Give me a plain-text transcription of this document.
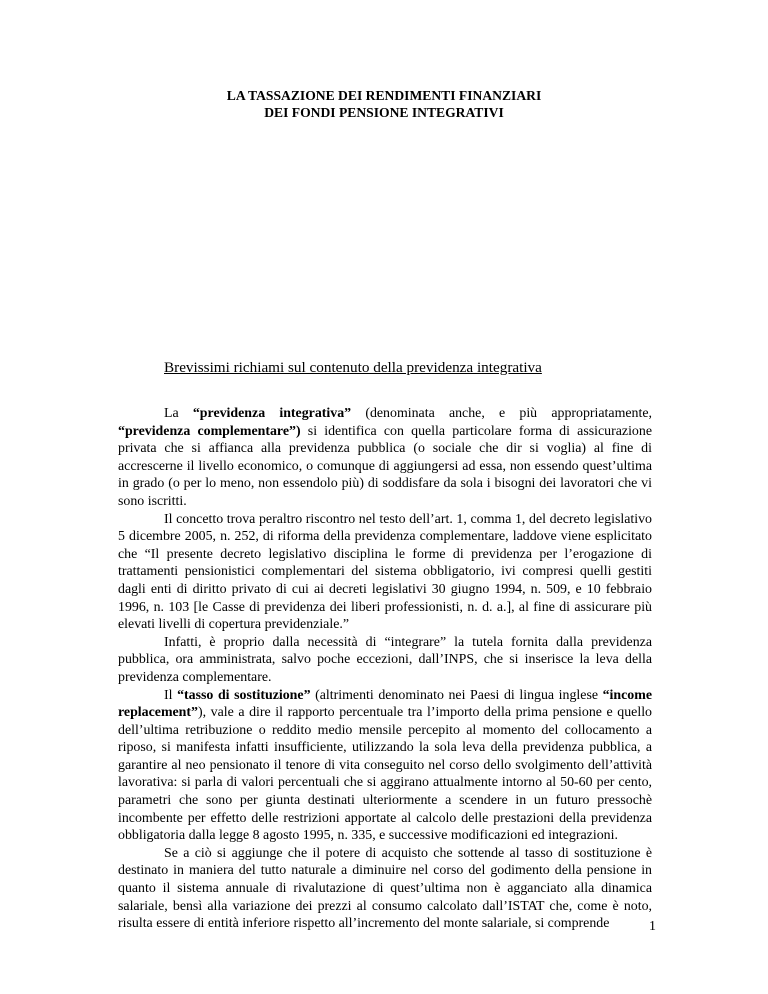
LA TASSAZIONE DEI RENDIMENTI FINANZIARI
DEI FONDI PENSIONE INTEGRATIVI
Brevissimi richiami sul contenuto della previdenza integrativa

La “previdenza integrativa” (denominata anche, e più appropriatamente, “previdenza complementare”) si identifica con quella particolare forma di assicurazione privata che si affianca alla previdenza pubblica (o sociale che dir si voglia) al fine di accrescerne il livello economico, o comunque di aggiungersi ad essa, non essendo quest’ultima in grado (o per lo meno, non essendolo più) di soddisfare da sola i bisogni dei lavoratori che vi sono iscritti.

Il concetto trova peraltro riscontro nel testo dell’art. 1, comma 1, del decreto legislativo 5 dicembre 2005, n. 252, di riforma della previdenza complementare, laddove viene esplicitato che “Il presente decreto legislativo disciplina le forme di previdenza per l’erogazione di trattamenti pensionistici complementari del sistema obbligatorio, ivi compresi quelli gestiti dagli enti di diritto privato di cui ai decreti legislativi 30 giugno 1994, n. 509, e 10 febbraio 1996, n. 103 [le Casse di previdenza dei liberi professionisti, n. d. a.], al fine di assicurare più elevati livelli di copertura previdenziale.”

Infatti, è proprio dalla necessità di “integrare” la tutela fornita dalla previdenza pubblica, ora amministrata, salvo poche eccezioni, dall’INPS, che si inserisce la leva della previdenza complementare.

Il “tasso di sostituzione” (altrimenti denominato nei Paesi di lingua inglese “income replacement”), vale a dire il rapporto percentuale tra l’importo della prima pensione e quello dell’ultima retribuzione o reddito medio mensile percepito al momento del collocamento a riposo, si manifesta infatti insufficiente, utilizzando la sola leva della previdenza pubblica, a garantire al neo pensionato il tenore di vita conseguito nel corso dello svolgimento dell’attività lavorativa: si parla di valori percentuali che si aggirano attualmente intorno al 50-60 per cento, parametri che sono per giunta destinati ulteriormente a scendere in un futuro pressochè incombente per effetto delle restrizioni apportate al calcolo delle prestazioni della previdenza obbligatoria dalla legge 8 agosto 1995, n. 335, e successive modificazioni ed integrazioni.

Se a ciò si aggiunge che il potere di acquisto che sottende al tasso di sostituzione è destinato in maniera del tutto naturale a diminuire nel corso del godimento della pensione in quanto il sistema annuale di rivalutazione di quest’ultima non è agganciato alla dinamica salariale, bensì alla variazione dei prezzi al consumo calcolato dall’ISTAT che, come è noto, risulta essere di entità inferiore rispetto all’incremento del monte salariale, si comprende	1
